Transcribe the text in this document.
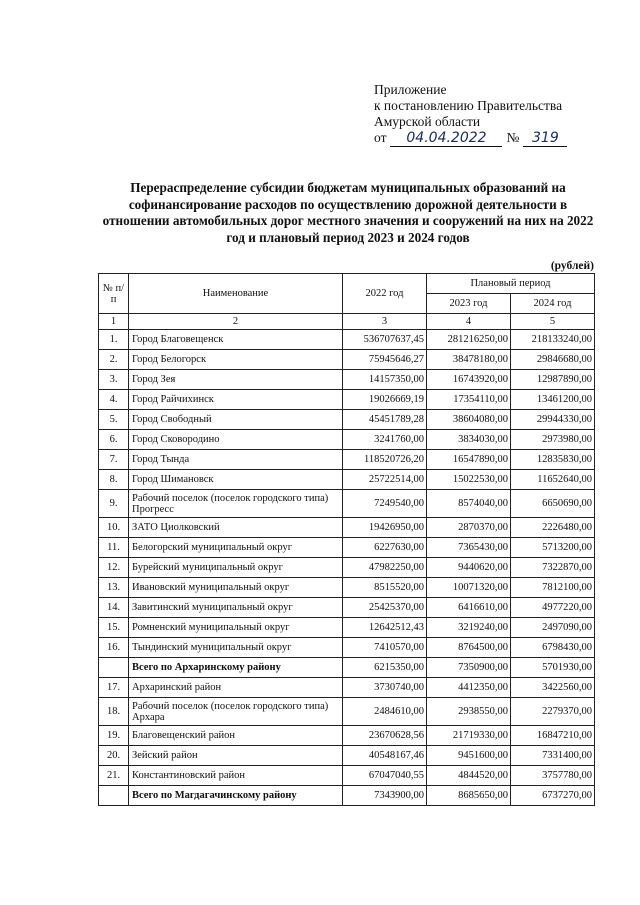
Приложение
к постановлению Правительства
Амурской области
от	04.04.2022	№ 319
Перераспределение субсидии бюджетам муниципальных образований на софинансирование расходов по осуществлению дорожной деятельности в отношении автомобильных дорог местного значения и сооружений на них на 2022 год и плановый период 2023 и 2024 годов
(рублей)
№ п/п	Наименование	2022 год	Плановый период	
			2023 год	2024 год
1	2	3	4	5
1.	Город Благовещенск	536707637,45	281216250,00	218133240,00
2.	Город Белогорск	75945646,27	38478180,00	29846680,00
3.	Город Зея	14157350,00	16743920,00	12987890,00
4.	Город Райчихинск	19026669,19	17354110,00	13461200,00
5.	Город Свободный	45451789,28	38604080,00	29944330,00
6.	Город Сковородино	3241760,00	3834030,00	2973980,00
7.	Город Тында	118520726,20	16547890,00	12835830,00
8.	Город Шимановск	25722514,00	15022530,00	11652640,00
9.	Рабочий поселок (поселок городского типа) Прогресс	7249540,00	8574040,00	6650690,00
10.	ЗАТО Циолковский	19426950,00	2870370,00	2226480,00
11.	Белогорский муниципальный округ	6227630,00	7365430,00	5713200,00
12.	Бурейский муниципальный округ	47982250,00	9440620,00	7322870,00
13.	Ивановский муниципальный округ	8515520,00	10071320,00	7812100,00
14.	Завитинский муниципальный округ	25425370,00	6416610,00	4977220,00
15.	Ромненский муниципальный округ	12642512,43	3219240,00	2497090,00
16.	Тындинский муниципальный округ	7410570,00	8764500,00	6798430,00
	Всего по Архаринскому району	6215350,00	7350900,00	5701930,00
17.	Архаринский район	3730740,00	4412350,00	3422560,00
18.	Рабочий поселок (поселок городского типа) Архара	2484610,00	2938550,00	2279370,00
19.	Благовещенский район	23670628,56	21719330,00	16847210,00
20.	Зейский район	40548167,46	9451600,00	7331400,00
21.	Константиновский район	67047040,55	4844520,00	3757780,00
	Всего по Магдагачинскому району	7343900,00	8685650,00	6737270,00
